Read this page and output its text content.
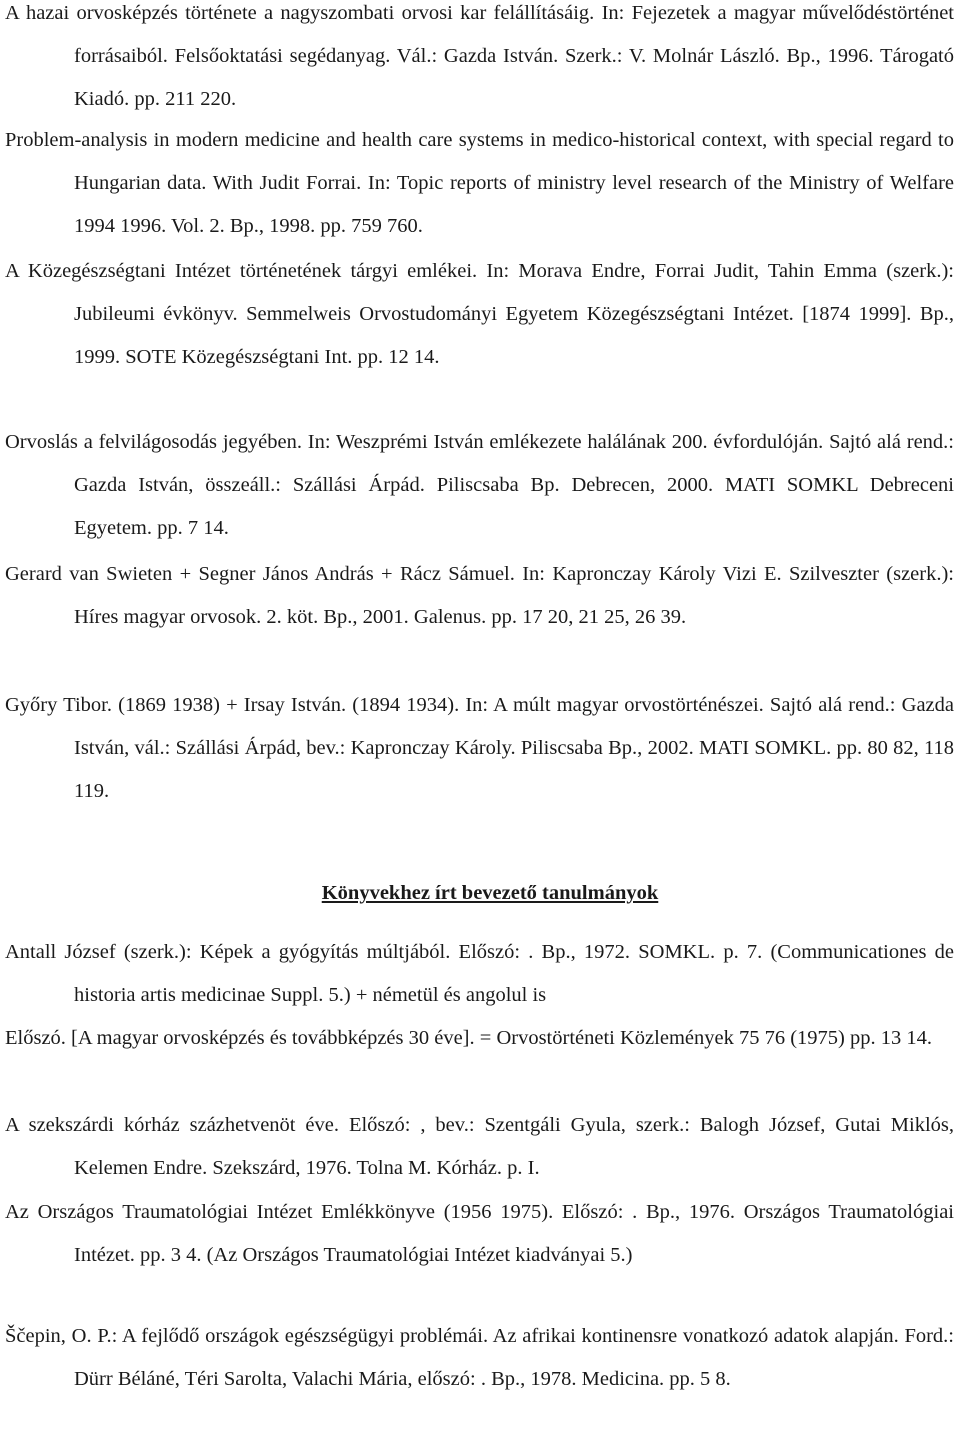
A hazai orvosképzés története a nagyszombati orvosi kar felállításáig. In: Fejezetek a magyar művelődéstörténet forrásaiból. Felsőoktatási segédanyag. Vál.: Gazda István. Szerk.: V. Molnár László. Bp., 1996. Tárogató Kiadó. pp. 211 220.

Problem-analysis in modern medicine and health care systems in medico-historical context, with special regard to Hungarian data. With Judit Forrai. In: Topic reports of ministry level research of the Ministry of Welfare 1994 1996. Vol. 2. Bp., 1998. pp. 759 760.

A Közegészségtani Intézet történetének tárgyi emlékei. In: Morava Endre, Forrai Judit, Tahin Emma (szerk.): Jubileumi évkönyv. Semmelweis Orvostudományi Egyetem Közegészségtani Intézet. [1874 1999]. Bp., 1999. SOTE Közegészségtani Int. pp. 12 14.

Orvoslás a felvilágosodás jegyében. In: Weszprémi István emlékezete halálának 200. évfordulóján. Sajtó alá rend.: Gazda István, összeáll.: Szállási Árpád. Piliscsaba Bp. Debrecen, 2000. MATI SOMKL Debreceni Egyetem. pp. 7 14.

Gerard van Swieten + Segner János András + Rácz Sámuel. In: Kapronczay Károly Vizi E. Szilveszter (szerk.): Híres magyar orvosok. 2. köt. Bp., 2001. Galenus. pp. 17 20, 21 25, 26 39.

Győry Tibor. (1869 1938) + Irsay István. (1894 1934). In: A múlt magyar orvostörténészei. Sajtó alá rend.: Gazda István, vál.: Szállási Árpád, bev.: Kapronczay Károly. Piliscsaba Bp., 2002. MATI SOMKL. pp. 80 82, 118 119.

Könyvekhez írt bevezető tanulmányok

Antall József (szerk.): Képek a gyógyítás múltjából. Előszó: . Bp., 1972. SOMKL. p. 7. (Communicationes de historia artis medicinae Suppl. 5.) + németül és angolul is

Előszó. [A magyar orvosképzés és továbbképzés 30 éve]. = Orvostörténeti Közlemények 75 76 (1975) pp. 13 14.

A szekszárdi kórház százhetvenöt éve. Előszó: , bev.: Szentgáli Gyula, szerk.: Balogh József, Gutai Miklós, Kelemen Endre. Szekszárd, 1976. Tolna M. Kórház. p. I.

Az Országos Traumatológiai Intézet Emlékkönyve (1956 1975). Előszó: . Bp., 1976. Országos Traumatológiai Intézet. pp. 3 4. (Az Országos Traumatológiai Intézet kiadványai 5.)

Ščepin, O. P.: A fejlődő országok egészségügyi problémái. Az afrikai kontinensre vonatkozó adatok alapján. Ford.: Dürr Béláné, Téri Sarolta, Valachi Mária, előszó: . Bp., 1978. Medicina. pp. 5 8.
